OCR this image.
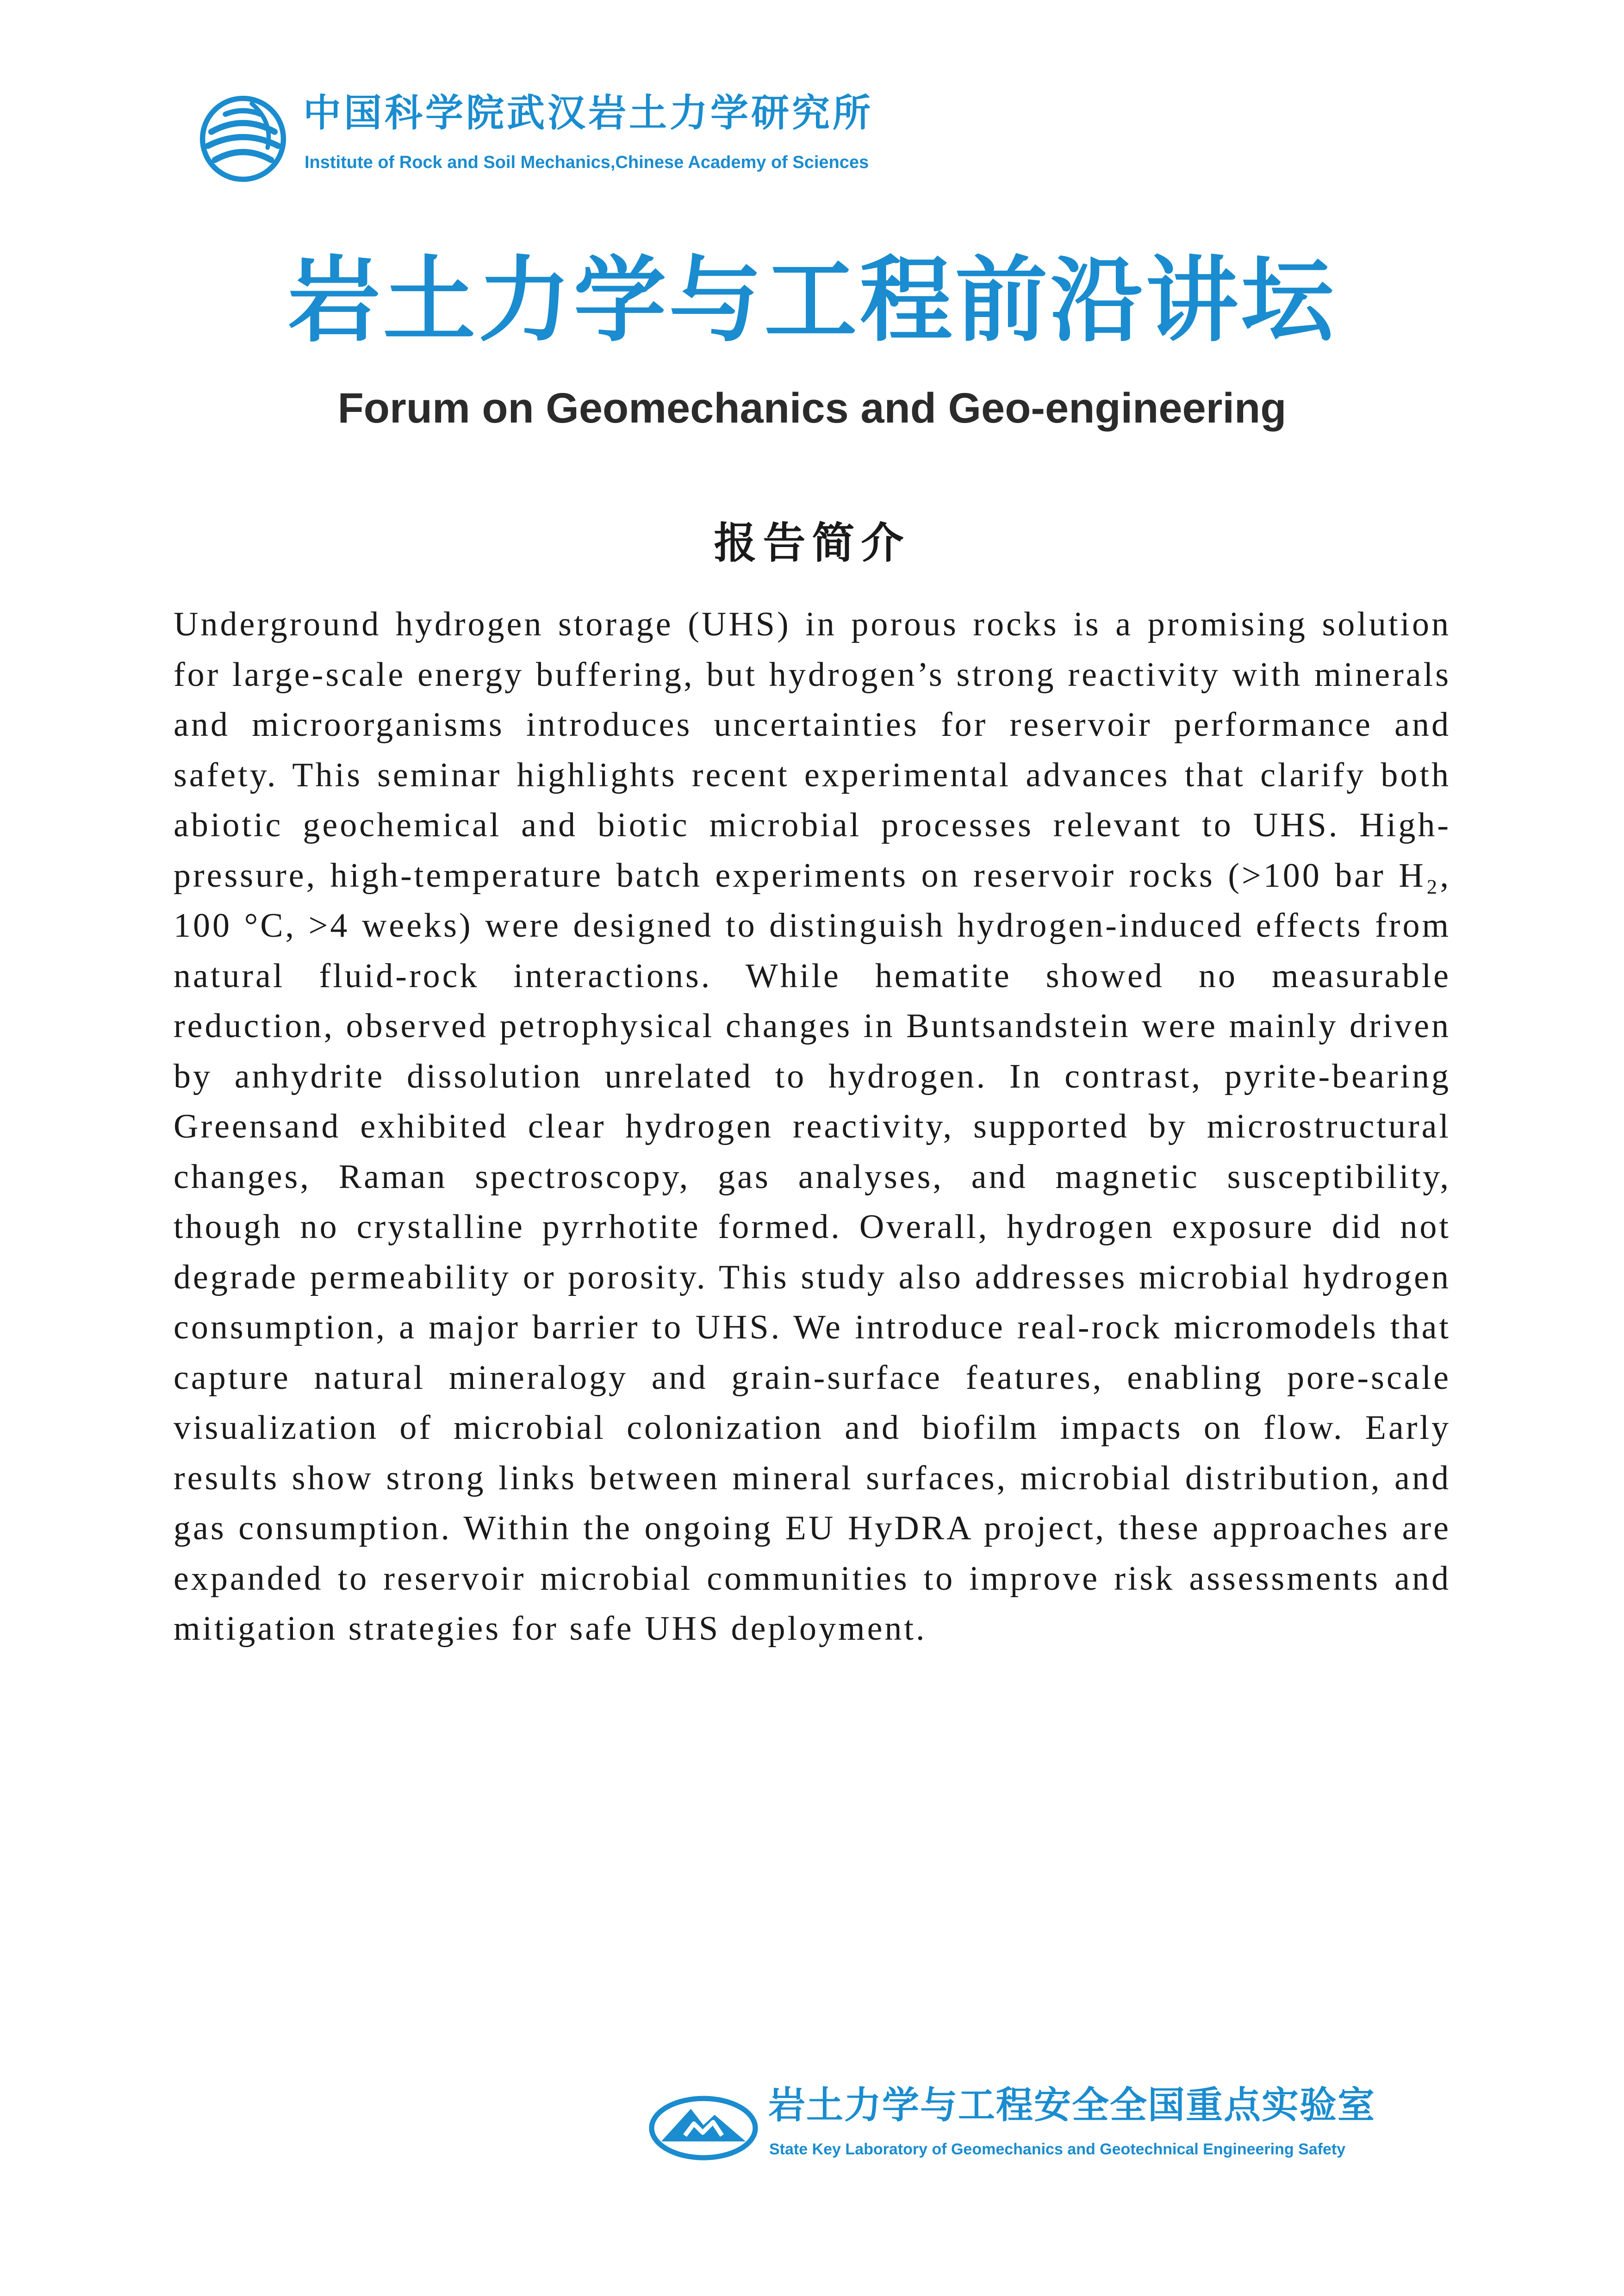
中国科学院武汉岩土力学研究所
Institute of Rock and Soil Mechanics,Chinese Academy of Sciences
岩土力学与工程前沿讲坛
Forum on Geomechanics and Geo-engineering
报告简介

Underground hydrogen storage (UHS) in porous rocks is a promising solution for large-scale energy buffering, but hydrogen’s strong reactivity with minerals and microorganisms introduces uncertainties for reservoir performance and safety. This seminar highlights recent experimental advances that clarify both abiotic geochemical and biotic microbial processes relevant to UHS. High-pressure, high-temperature batch experiments on reservoir rocks (>100 bar H₂, 100 °C, >4 weeks) were designed to distinguish hydrogen-induced effects from natural fluid-rock interactions. While hematite showed no measurable reduction, observed petrophysical changes in Buntsandstein were mainly driven by anhydrite dissolution unrelated to hydrogen. In contrast, pyrite-bearing Greensand exhibited clear hydrogen reactivity, supported by microstructural changes, Raman spectroscopy, gas analyses, and magnetic susceptibility, though no crystalline pyrrhotite formed. Overall, hydrogen exposure did not degrade permeability or porosity. This study also addresses microbial hydrogen consumption, a major barrier to UHS. We introduce real-rock micromodels that capture natural mineralogy and grain-surface features, enabling pore-scale visualization of microbial colonization and biofilm impacts on flow. Early results show strong links between mineral surfaces, microbial distribution, and gas consumption. Within the ongoing EU HyDRA project, these approaches are expanded to reservoir microbial communities to improve risk assessments and mitigation strategies for safe UHS deployment.

岩土力学与工程安全全国重点实验室
State Key Laboratory of Geomechanics and Geotechnical Engineering Safety
